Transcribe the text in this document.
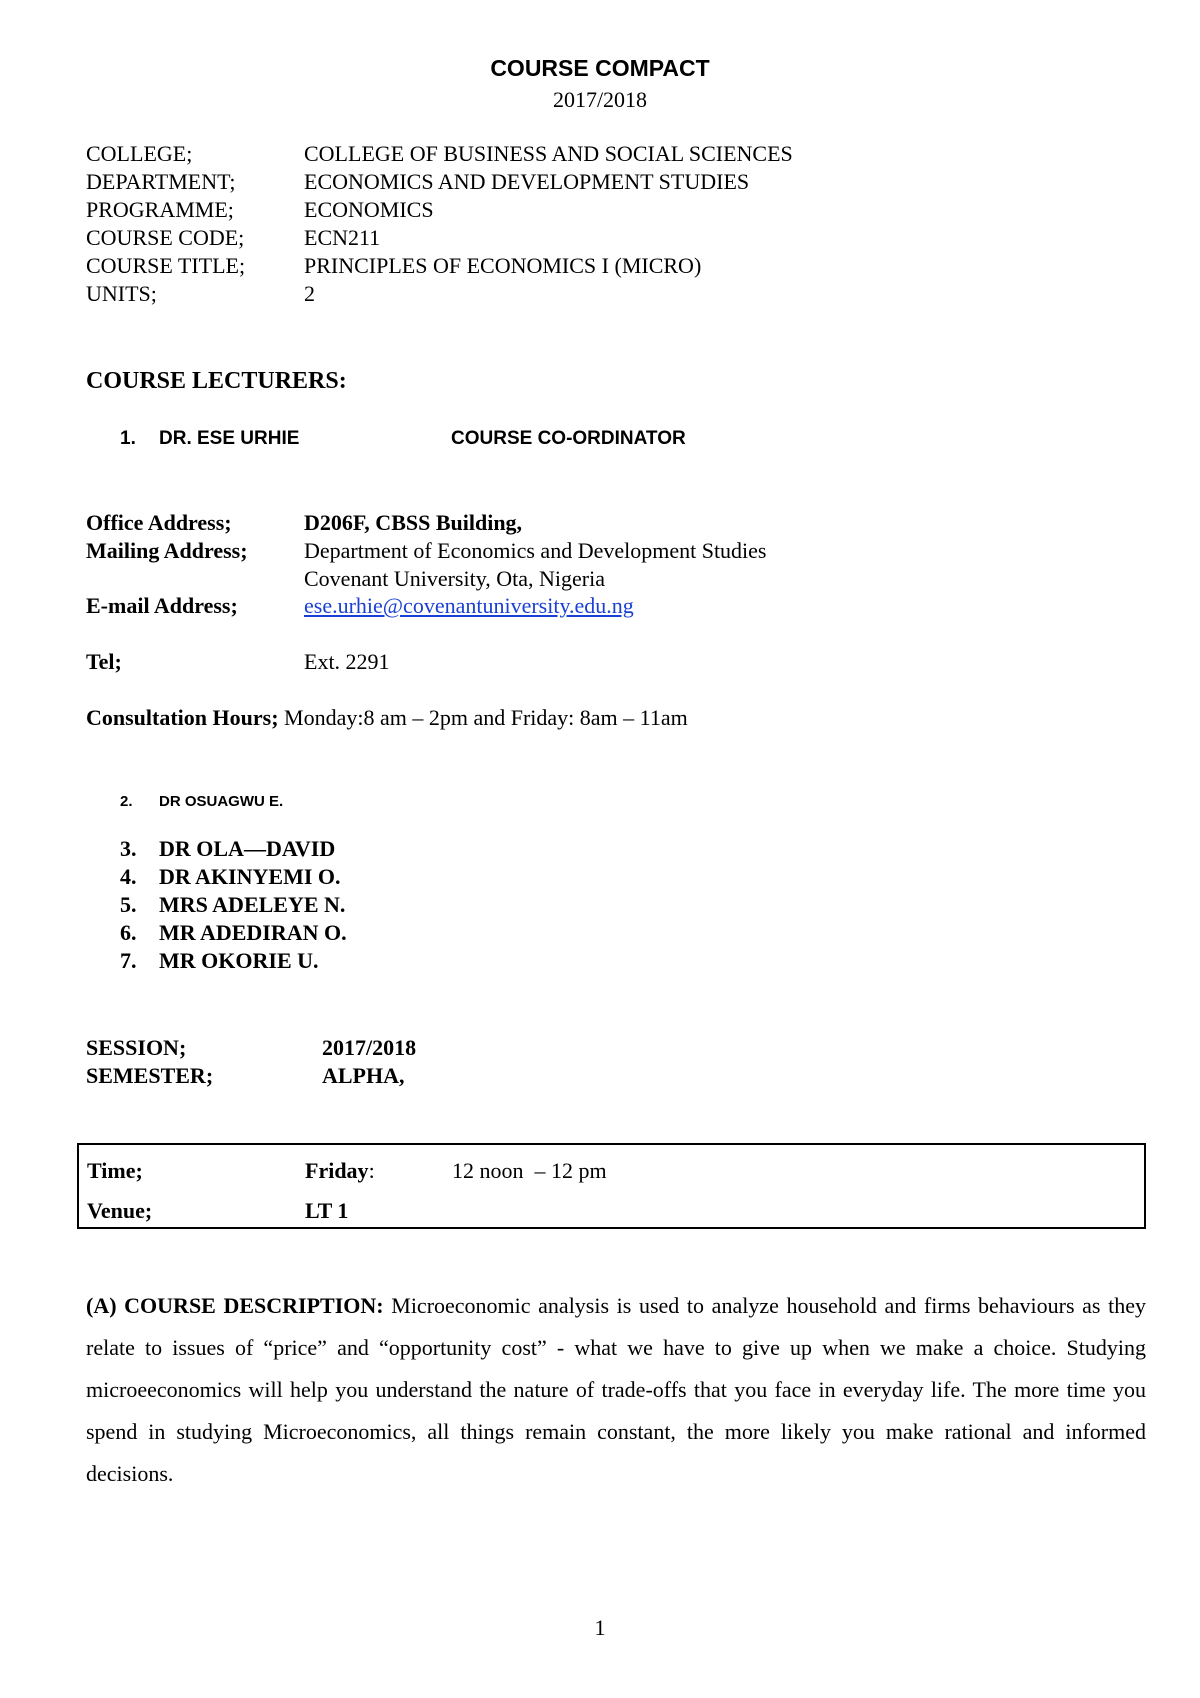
COURSE COMPACT
2017/2018
COLLEGE;	COLLEGE OF BUSINESS AND SOCIAL SCIENCES
DEPARTMENT;	ECONOMICS AND DEVELOPMENT STUDIES
PROGRAMME;	ECONOMICS
COURSE CODE;	ECN211
COURSE TITLE;	PRINCIPLES OF ECONOMICS I (MICRO)
UNITS;	2
COURSE LECTURERS:
1. DR. ESE URHIE	COURSE CO-ORDINATOR
Office Address;	D206F, CBSS Building,
Mailing Address;	Department of Economics and Development Studies
Covenant University, Ota, Nigeria
E-mail Address;	ese.urhie@covenantuniversity.edu.ng
Tel;	Ext. 2291
Consultation Hours; Monday:8 am – 2pm and Friday: 8am – 11am
2. DR OSUAGWU E.
3. DR OLA—DAVID
4. DR AKINYEMI O.
5. MRS ADELEYE N.
6. MR ADEDIRAN O.
7. MR OKORIE U.
SESSION;	2017/2018
SEMESTER;	ALPHA,
Time;	Friday:	12 noon  – 12 pm
Venue;	LT 1
(A) COURSE DESCRIPTION: Microeconomic analysis is used to analyze household and firms behaviours as they relate to issues of “price” and “opportunity cost” - what we have to give up when we make a choice. Studying microeeconomics will help you understand the nature of trade-offs that you face in everyday life. The more time you spend in studying Microeconomics, all things remain constant, the more likely you make rational and informed decisions.
1
